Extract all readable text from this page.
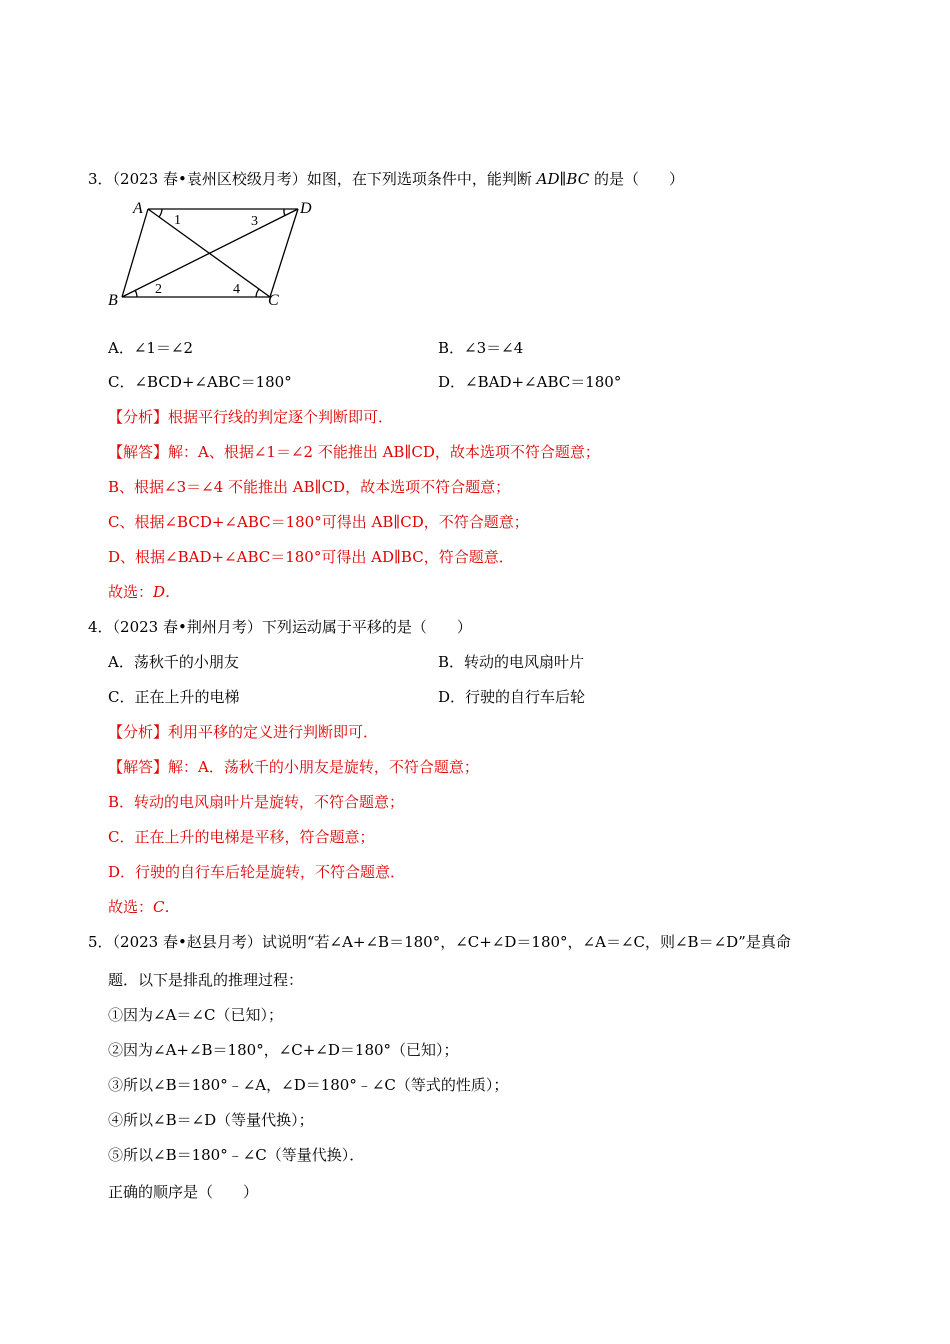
3．（2023 春•袁州区校级月考）如图，在下列选项条件中，能判断 AD∥BC 的是（　　）
A	D
B	C
1	3
2	4
A．∠1＝∠2	B．∠3＝∠4
C．∠BCD+∠ABC＝180°	D．∠BAD+∠ABC＝180°
【分析】根据平行线的判定逐个判断即可．
【解答】解：A、根据∠1＝∠2 不能推出 AB∥CD，故本选项不符合题意；
B、根据∠3＝∠4 不能推出 AB∥CD，故本选项不符合题意；
C、根据∠BCD+∠ABC＝180°可得出 AB∥CD，不符合题意；
D、根据∠BAD+∠ABC＝180°可得出 AD∥BC，符合题意．
故选：D．
4．（2023 春•荆州月考）下列运动属于平移的是（　　）
A．荡秋千的小朋友	B．转动的电风扇叶片
C．正在上升的电梯	D．行驶的自行车后轮
【分析】利用平移的定义进行判断即可．
【解答】解：A．荡秋千的小朋友是旋转，不符合题意；
B．转动的电风扇叶片是旋转，不符合题意；
C．正在上升的电梯是平移，符合题意；
D．行驶的自行车后轮是旋转，不符合题意．
故选：C．
5．（2023 春•赵县月考）试说明“若∠A+∠B＝180°，∠C+∠D＝180°，∠A＝∠C，则∠B＝∠D”是真命
题．以下是排乱的推理过程：
①因为∠A＝∠C（已知）；
②因为∠A+∠B＝180°，∠C+∠D＝180°（已知）；
③所以∠B＝180°﹣∠A，∠D＝180°﹣∠C（等式的性质）；
④所以∠B＝∠D（等量代换）；
⑤所以∠B＝180°﹣∠C（等量代换）．
正确的顺序是（　　）
